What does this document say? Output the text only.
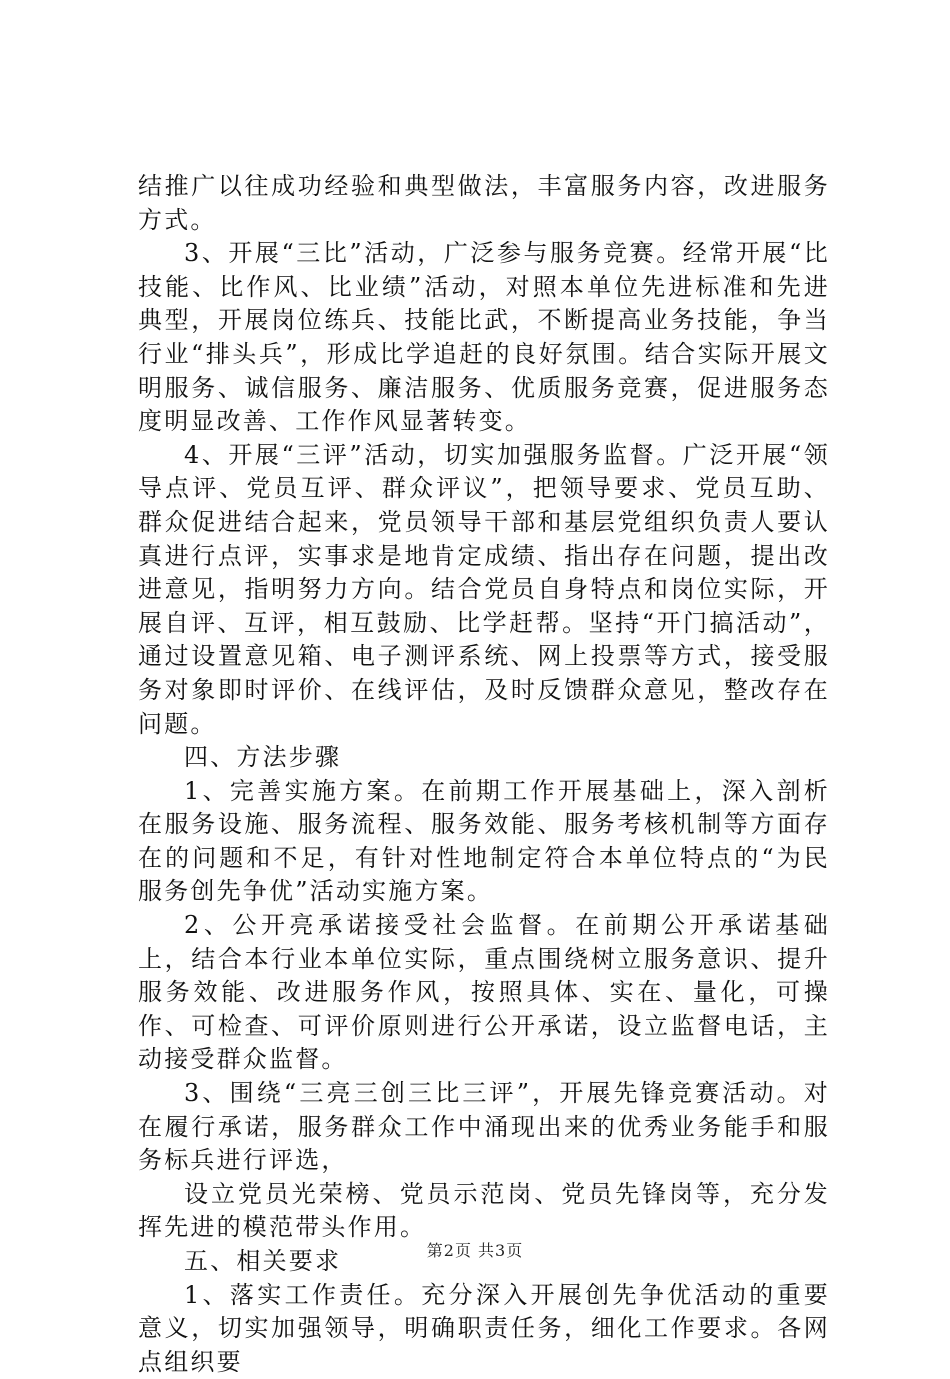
结推广以往成功经验和典型做法，丰富服务内容，改进服务方式。

3、开展“三比”活动，广泛参与服务竞赛。经常开展“比技能、比作风、比业绩”活动，对照本单位先进标准和先进典型，开展岗位练兵、技能比武，不断提高业务技能，争当行业“排头兵”，形成比学追赶的良好氛围。结合实际开展文明服务、诚信服务、廉洁服务、优质服务竞赛，促进服务态度明显改善、工作作风显著转变。

4、开展“三评”活动，切实加强服务监督。广泛开展“领导点评、党员互评、群众评议”，把领导要求、党员互助、群众促进结合起来，党员领导干部和基层党组织负责人要认真进行点评，实事求是地肯定成绩、指出存在问题，提出改进意见，指明努力方向。结合党员自身特点和岗位实际，开展自评、互评，相互鼓励、比学赶帮。坚持“开门搞活动”，通过设置意见箱、电子测评系统、网上投票等方式，接受服务对象即时评价、在线评估，及时反馈群众意见，整改存在问题。

四、方法步骤

1、完善实施方案。在前期工作开展基础上，深入剖析在服务设施、服务流程、服务效能、服务考核机制等方面存在的问题和不足，有针对性地制定符合本单位特点的“为民服务创先争优”活动实施方案。

2、公开亮承诺接受社会监督。在前期公开承诺基础上，结合本行业本单位实际，重点围绕树立服务意识、提升服务效能、改进服务作风，按照具体、实在、量化，可操作、可检查、可评价原则进行公开承诺，设立监督电话，主动接受群众监督。

3、围绕“三亮三创三比三评”，开展先锋竞赛活动。对在履行承诺，服务群众工作中涌现出来的优秀业务能手和服务标兵进行评选，

设立党员光荣榜、党员示范岗、党员先锋岗等，充分发挥先进的模范带头作用。

五、相关要求

1、落实工作责任。充分深入开展创先争优活动的重要意义，切实加强领导，明确职责任务，细化工作要求。各网点组织要

第2页 共3页
